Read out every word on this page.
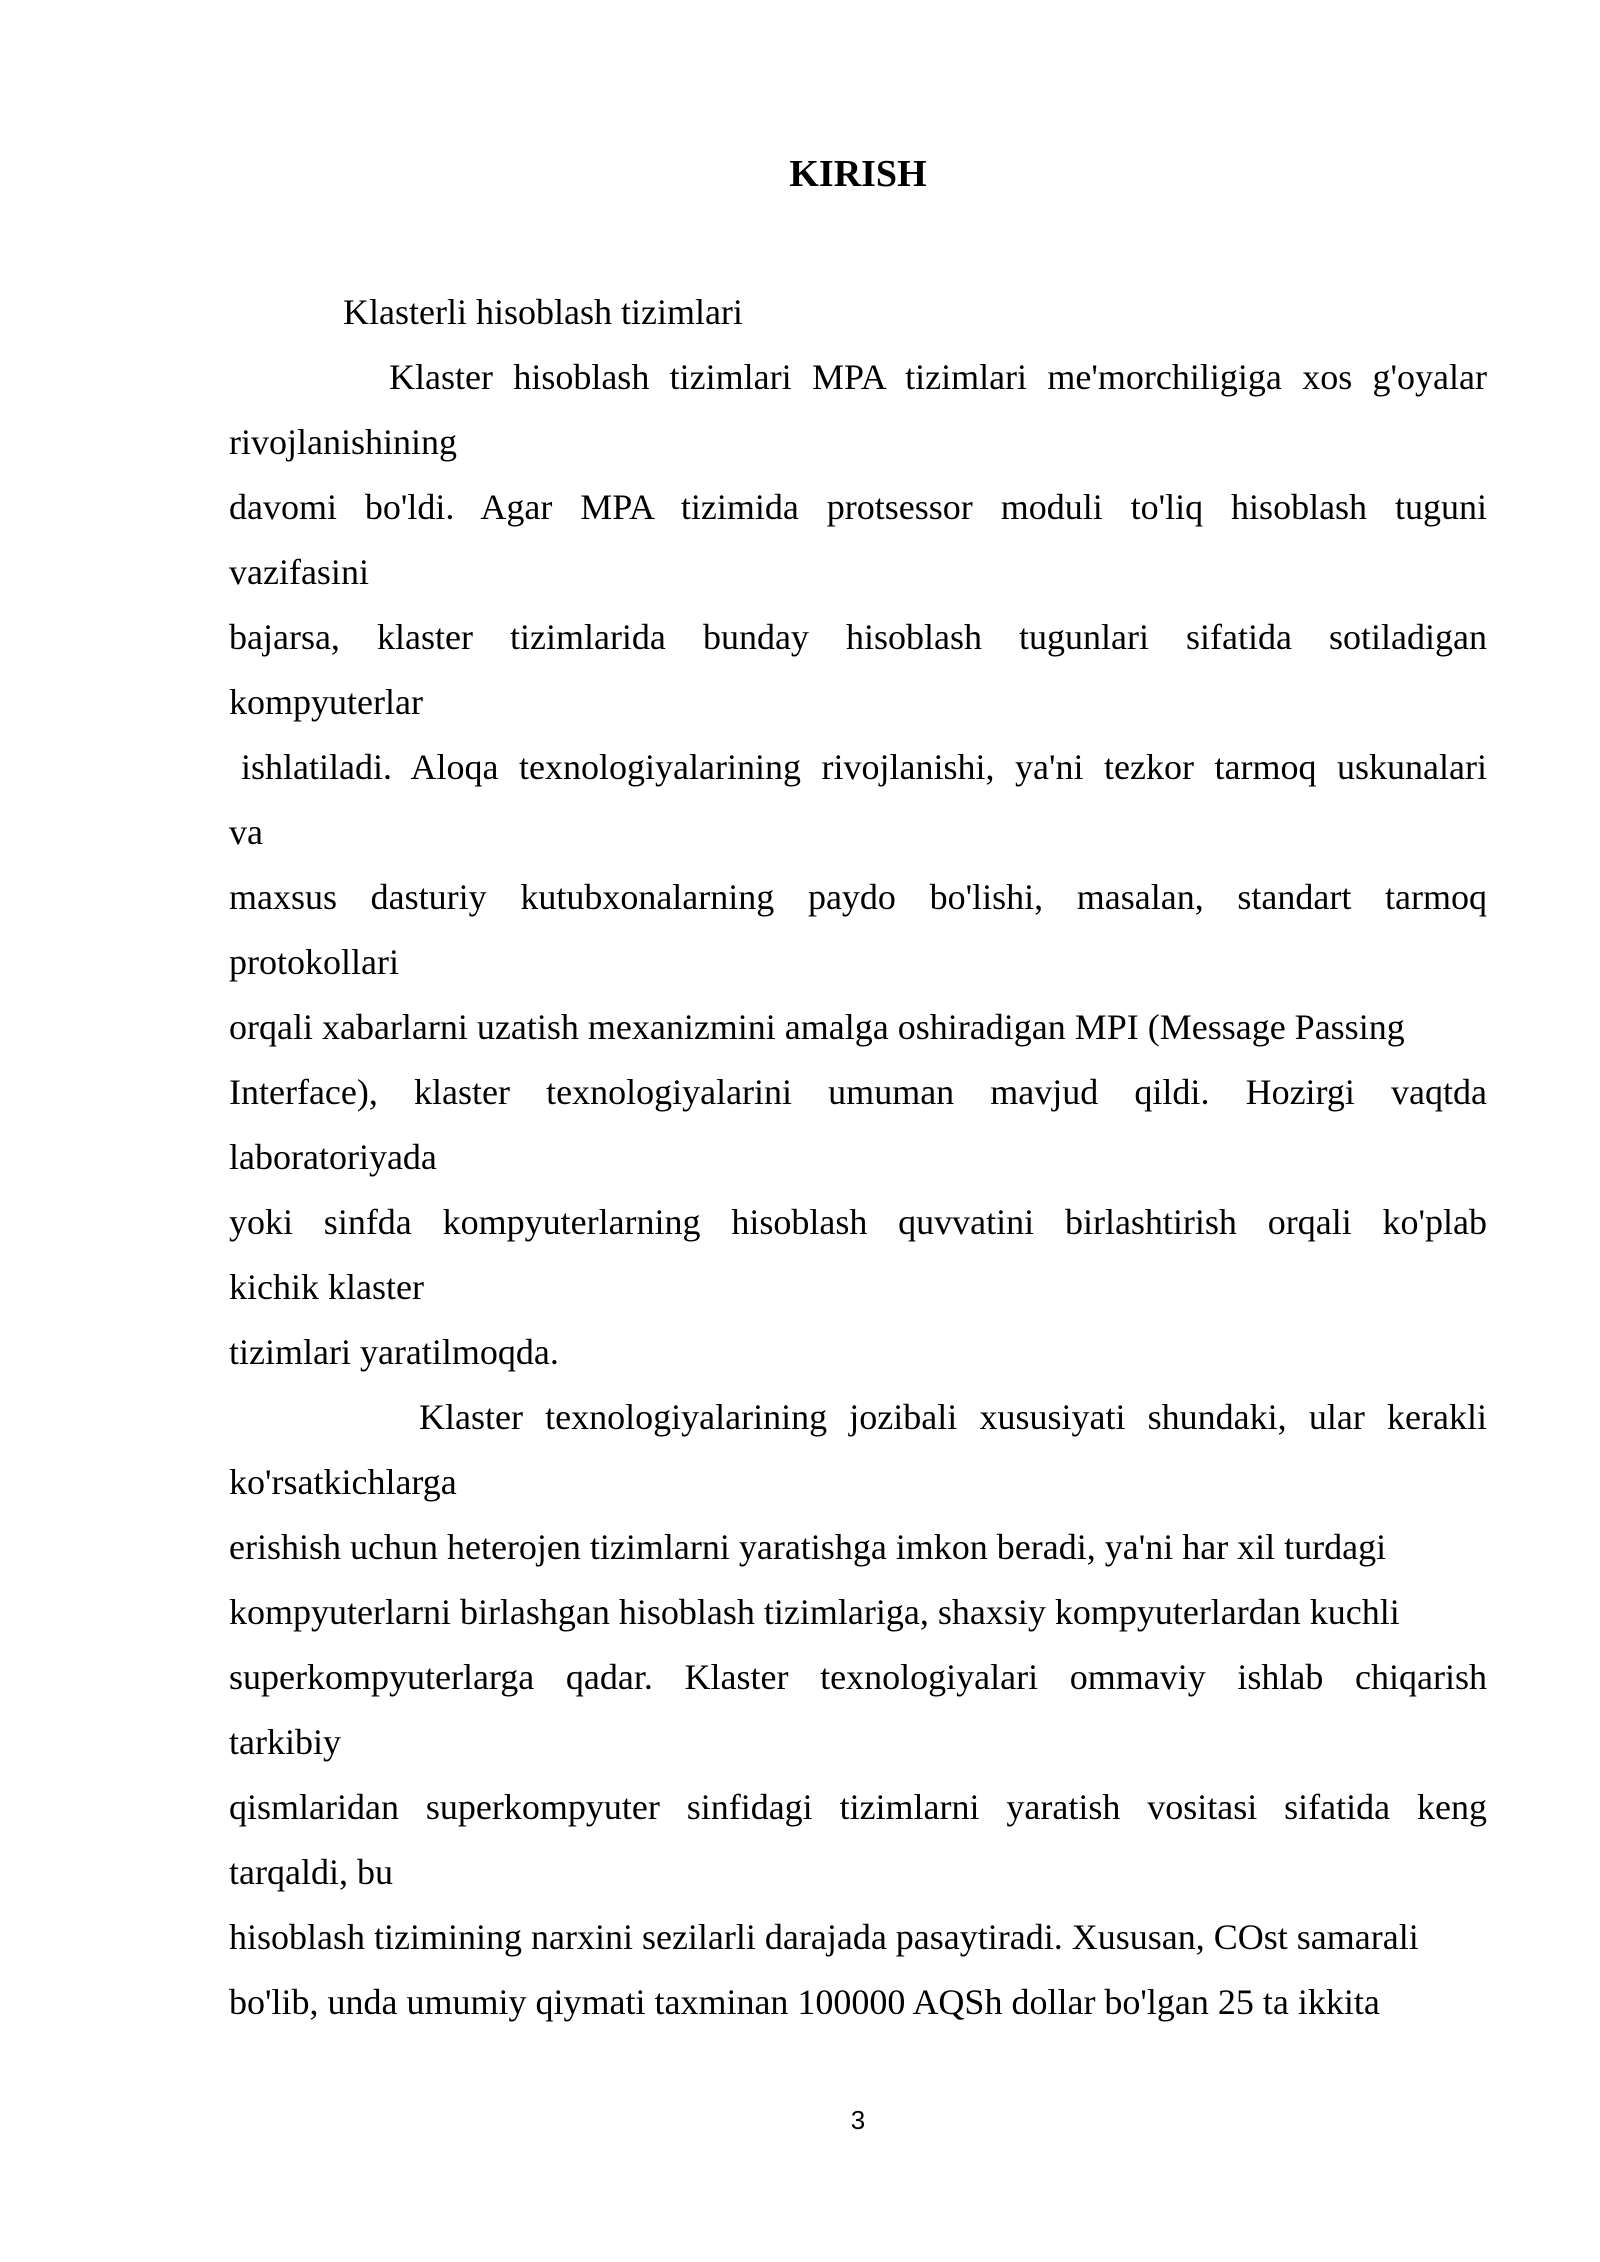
KIRISH
Klasterli hisoblash tizimlari
Klaster hisoblash tizimlari MPA tizimlari me'morchiligiga xos g'oyalar
rivojlanishining
davomi bo'ldi. Agar MPA tizimida protsessor moduli to'liq hisoblash tuguni
vazifasini
bajarsa, klaster tizimlarida bunday hisoblash tugunlari sifatida sotiladigan
kompyuterlar
ishlatiladi. Aloqa texnologiyalarining rivojlanishi, ya'ni tezkor tarmoq uskunalari
va
maxsus dasturiy kutubxonalarning paydo bo'lishi, masalan, standart tarmoq
protokollari
orqali xabarlarni uzatish mexanizmini amalga oshiradigan MPI (Message Passing
Interface), klaster texnologiyalarini umuman mavjud qildi. Hozirgi vaqtda
laboratoriyada
yoki sinfda kompyuterlarning hisoblash quvvatini birlashtirish orqali ko'plab
kichik klaster
tizimlari yaratilmoqda.
Klaster texnologiyalarining jozibali xususiyati shundaki, ular kerakli
ko'rsatkichlarga
erishish uchun heterojen tizimlarni yaratishga imkon beradi, ya'ni har xil turdagi
kompyuterlarni birlashgan hisoblash tizimlariga, shaxsiy kompyuterlardan kuchli
superkompyuterlarga qadar. Klaster texnologiyalari ommaviy ishlab chiqarish
tarkibiy
qismlaridan superkompyuter sinfidagi tizimlarni yaratish vositasi sifatida keng
tarqaldi, bu
hisoblash tizimining narxini sezilarli darajada pasaytiradi. Xususan, COst samarali
bo'lib, unda umumiy qiymati taxminan 100000 AQSh dollar bo'lgan 25 ta ikkita
3
